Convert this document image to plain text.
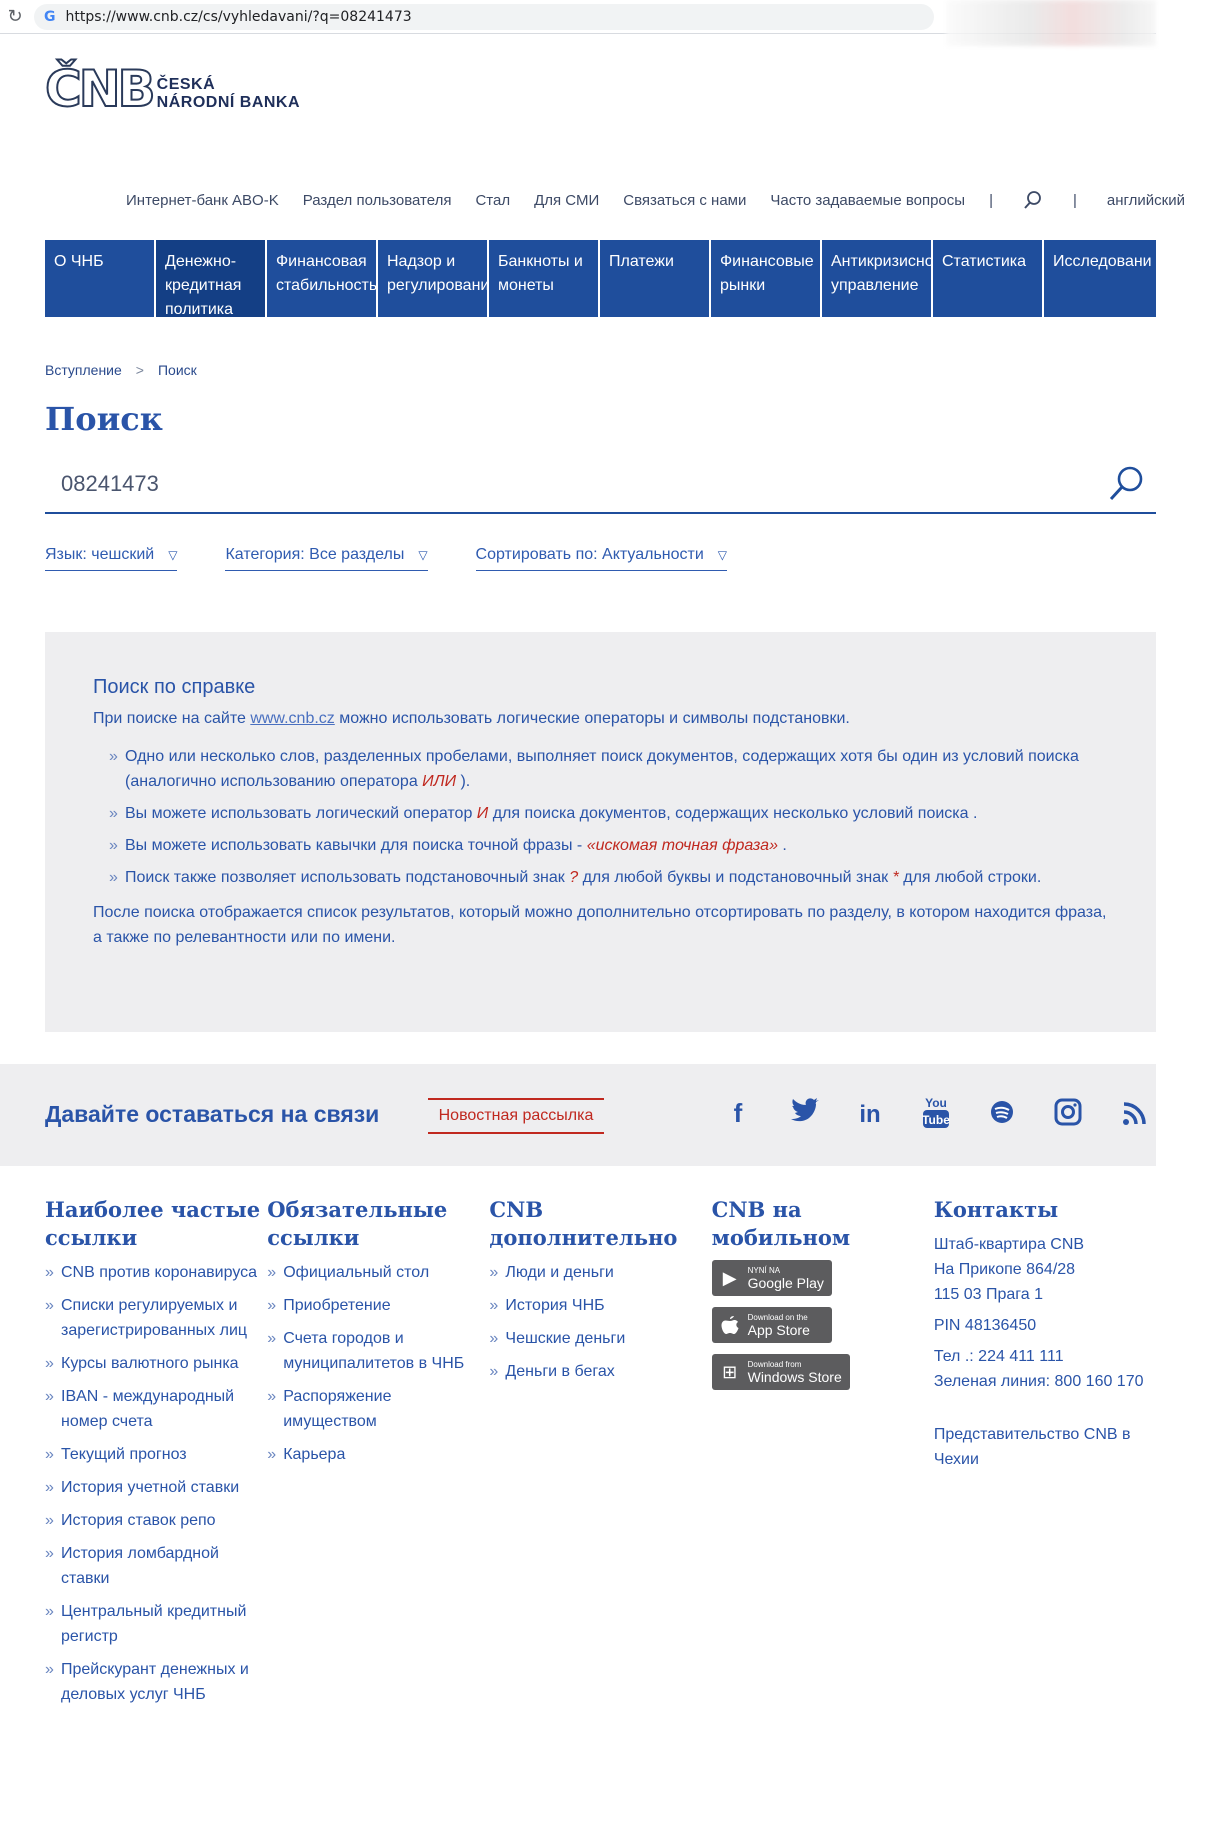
↻	G https://www.cnb.cz/cs/vyhledavani/?q=08241473
ČNB ČESKÁ
NÁRODNÍ BANKA
Интернет-банк ABO-K Раздел пользователя Стал Для СМИ Связаться с нами Часто задаваемые вопросы |	| английский
О ЧНБ	Денежно-
кредитная
политика
Финансовая
стабильность
Надзор и
регулировани
Банкноты и
монеты
Платежи	Финансовые
рынки
Антикризисно
управление
Статистика	Исследовани
Вступление > Поиск
Поиск
08241473
Язык: чешский ▽	Категория: Все разделы ▽	Сортировать по: Актуальности ▽
Поиск по справке
При поиске на сайте www.cnb.cz можно использовать логические операторы и символы подстановки.
» Одно или несколько слов, разделенных пробелами, выполняет поиск документов, содержащих хотя бы один из условий поиска (аналогично использованию оператора ИЛИ ).
» Вы можете использовать логический оператор И для поиска документов, содержащих несколько условий поиска .
» Вы можете использовать кавычки для поиска точной фразы - «искомая точная фраза» .
» Поиск также позволяет использовать подстановочный знак ? для любой буквы и подстановочный знак * для любой строки.
После поиска отображается список результатов, который можно дополнительно отсортировать по разделу, в котором находится фраза, а также по релевантности или по имени.
Давайте оставаться на связи	Новостная рассылка	f	in	You
Tube
Наиболее частые ссылки
» CNB против коронавируса
» Списки регулируемых и зарегистрированных лиц
» Курсы валютного рынка
» IBAN - международный номер счета
» Текущий прогноз
» История учетной ставки
» История ставок репо
» История ломбардной ставки
» Центральный кредитный регистр
» Прейскурант денежных и деловых услуг ЧНБ
Обязательные ссылки
» Официальный стол
» Приобретение
» Счета городов и муниципалитетов в ЧНБ
» Распоряжение имуществом
» Карьера
CNB дополнительно
» Люди и деньги
» История ЧНБ
» Чешские деньги
» Деньги в бегах
CNB на мобильном
▶	NYNÍ NA
Google Play
Download on the
App Store
⊞	Download from
Windows Store
Контакты

Штаб-квартира CNB

На Прикопе 864/28

115 03 Прага 1

PIN 48136450

Тел .: 224 411 111

Зеленая линия: 800 160 170

Представительство CNB в Чехии
